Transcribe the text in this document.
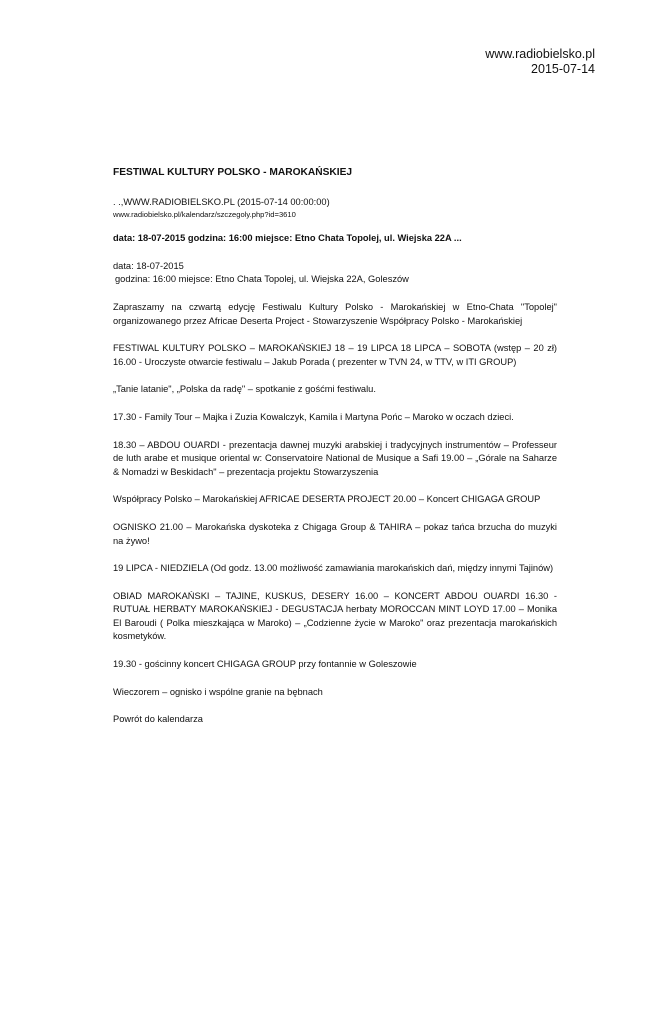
www.radiobielsko.pl
2015-07-14
FESTIWAL KULTURY POLSKO - MAROKAŃSKIEJ
. .,WWW.RADIOBIELSKO.PL (2015-07-14 00:00:00)
www.radiobielsko.pl/kalendarz/szczegoly.php?id=3610
data: 18-07-2015 godzina: 16:00 miejsce: Etno Chata Topolej, ul. Wiejska 22A ...

data: 18-07-2015
godzina: 16:00 miejsce: Etno Chata Topolej, ul. Wiejska 22A, Goleszów

Zapraszamy na czwartą edycję Festiwalu Kultury Polsko - Marokańskiej w Etno-Chata "Topolej" organizowanego przez Africae Deserta Project - Stowarzyszenie Współpracy Polsko - Marokańskiej

FESTIWAL KULTURY POLSKO – MAROKAŃSKIEJ 18 – 19 LIPCA 18 LIPCA – SOBOTA (wstęp – 20 zł) 16.00 - Uroczyste otwarcie festiwalu – Jakub Porada ( prezenter w TVN 24, w TTV, w ITI GROUP)

„Tanie latanie", „Polska da radę" – spotkanie z gośćmi festiwalu.

17.30 - Family Tour – Majka i Zuzia Kowalczyk, Kamila i Martyna Pońc – Maroko w oczach dzieci.

18.30 – ABDOU OUARDI - prezentacja dawnej muzyki arabskiej i tradycyjnych instrumentów – Professeur de luth arabe et musique oriental w: Conservatoire National de Musique a Safi 19.00 – „Górale na Saharze & Nomadzi w Beskidach" – prezentacja projektu Stowarzyszenia

Współpracy Polsko – Marokańskiej AFRICAE DESERTA PROJECT 20.00 – Koncert CHIGAGA GROUP

OGNISKO 21.00 – Marokańska dyskoteka z Chigaga Group & TAHIRA – pokaz tańca brzucha do muzyki na żywo!

19 LIPCA - NIEDZIELA (Od godz. 13.00 możliwość zamawiania marokańskich dań, między innymi Tajinów)

OBIAD MAROKAŃSKI – TAJINE, KUSKUS, DESERY 16.00 – KONCERT ABDOU OUARDI 16.30 - RUTUAŁ HERBATY MAROKAŃSKIEJ - DEGUSTACJA herbaty MOROCCAN MINT LOYD 17.00 – Monika El Baroudi ( Polka mieszkająca w Maroko) – „Codzienne życie w Maroko" oraz prezentacja marokańskich kosmetyków.

19.30 - gościnny koncert CHIGAGA GROUP przy fontannie w Goleszowie

Wieczorem – ognisko i wspólne granie na bębnach

Powrót do kalendarza
